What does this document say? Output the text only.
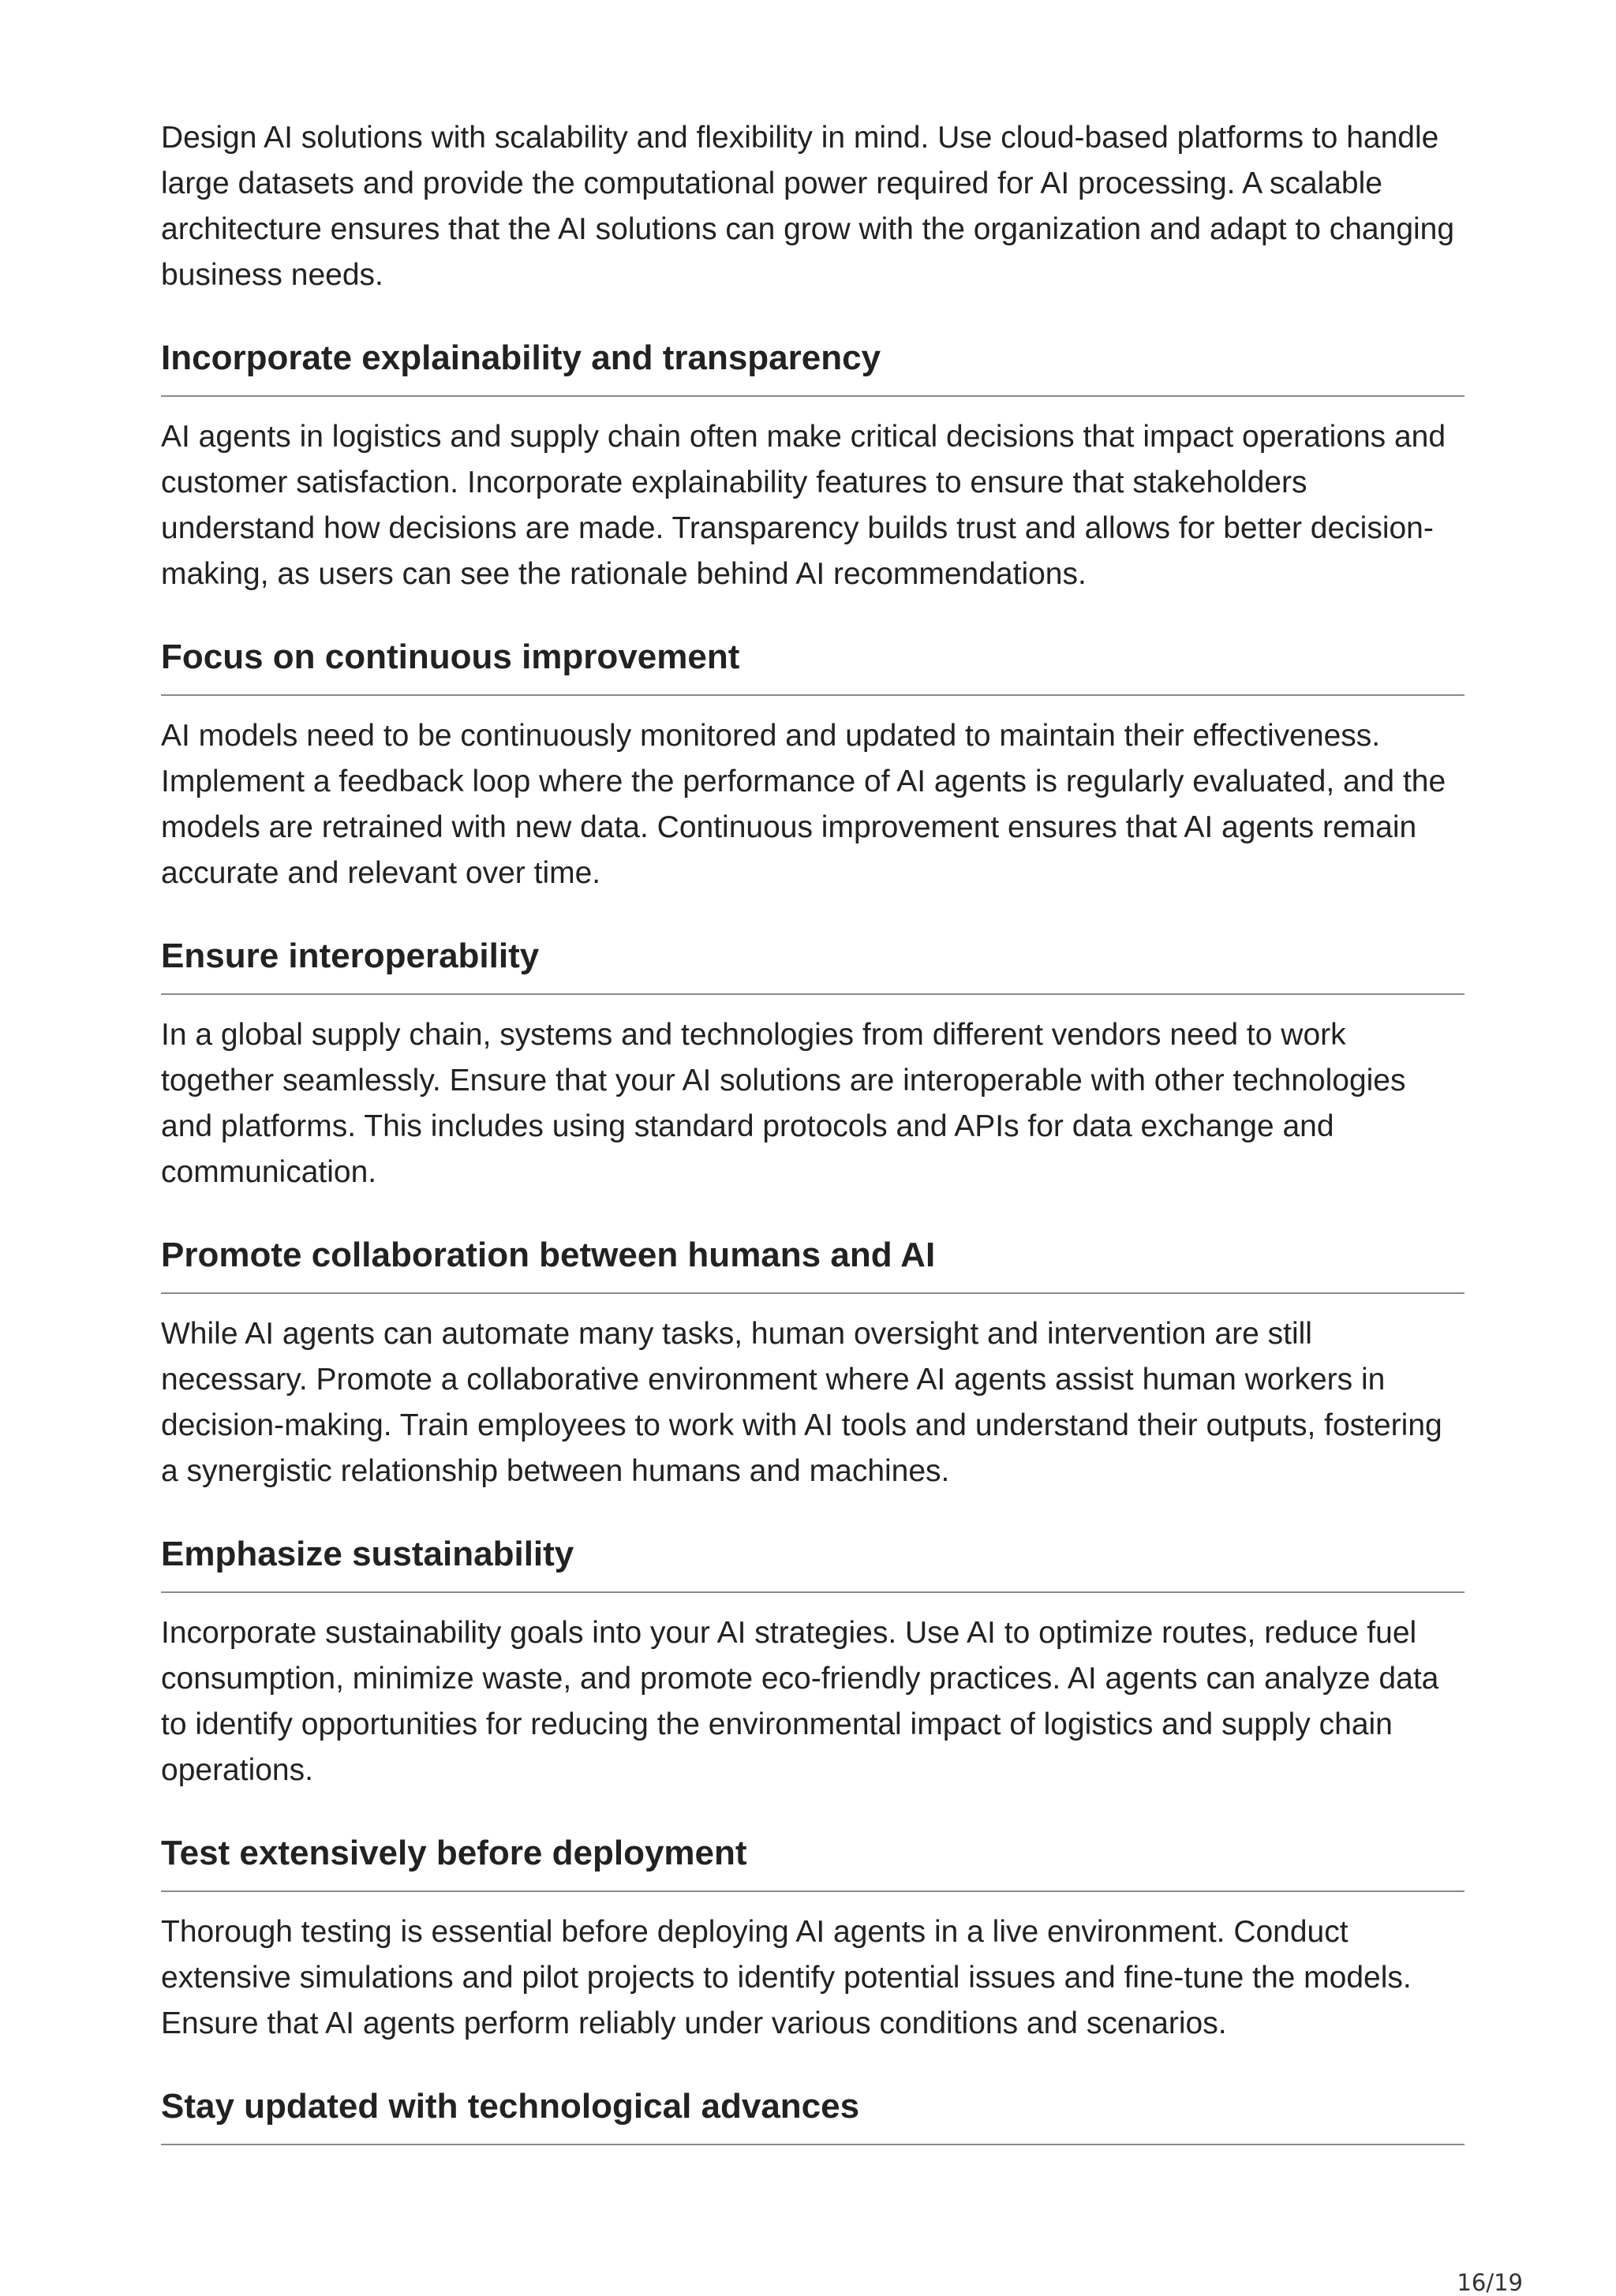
Design AI solutions with scalability and flexibility in mind. Use cloud-based platforms to handle large datasets and provide the computational power required for AI processing. A scalable architecture ensures that the AI solutions can grow with the organization and adapt to changing business needs.

Incorporate explainability and transparency

AI agents in logistics and supply chain often make critical decisions that impact operations and customer satisfaction. Incorporate explainability features to ensure that stakeholders understand how decisions are made. Transparency builds trust and allows for better decision-making, as users can see the rationale behind AI recommendations.

Focus on continuous improvement

AI models need to be continuously monitored and updated to maintain their effectiveness. Implement a feedback loop where the performance of AI agents is regularly evaluated, and the models are retrained with new data. Continuous improvement ensures that AI agents remain accurate and relevant over time.

Ensure interoperability

In a global supply chain, systems and technologies from different vendors need to work together seamlessly. Ensure that your AI solutions are interoperable with other technologies and platforms. This includes using standard protocols and APIs for data exchange and communication.

Promote collaboration between humans and AI

While AI agents can automate many tasks, human oversight and intervention are still necessary. Promote a collaborative environment where AI agents assist human workers in decision-making. Train employees to work with AI tools and understand their outputs, fostering a synergistic relationship between humans and machines.

Emphasize sustainability

Incorporate sustainability goals into your AI strategies. Use AI to optimize routes, reduce fuel consumption, minimize waste, and promote eco-friendly practices. AI agents can analyze data to identify opportunities for reducing the environmental impact of logistics and supply chain operations.

Test extensively before deployment

Thorough testing is essential before deploying AI agents in a live environment. Conduct extensive simulations and pilot projects to identify potential issues and fine-tune the models. Ensure that AI agents perform reliably under various conditions and scenarios.

Stay updated with technological advances
16/19
